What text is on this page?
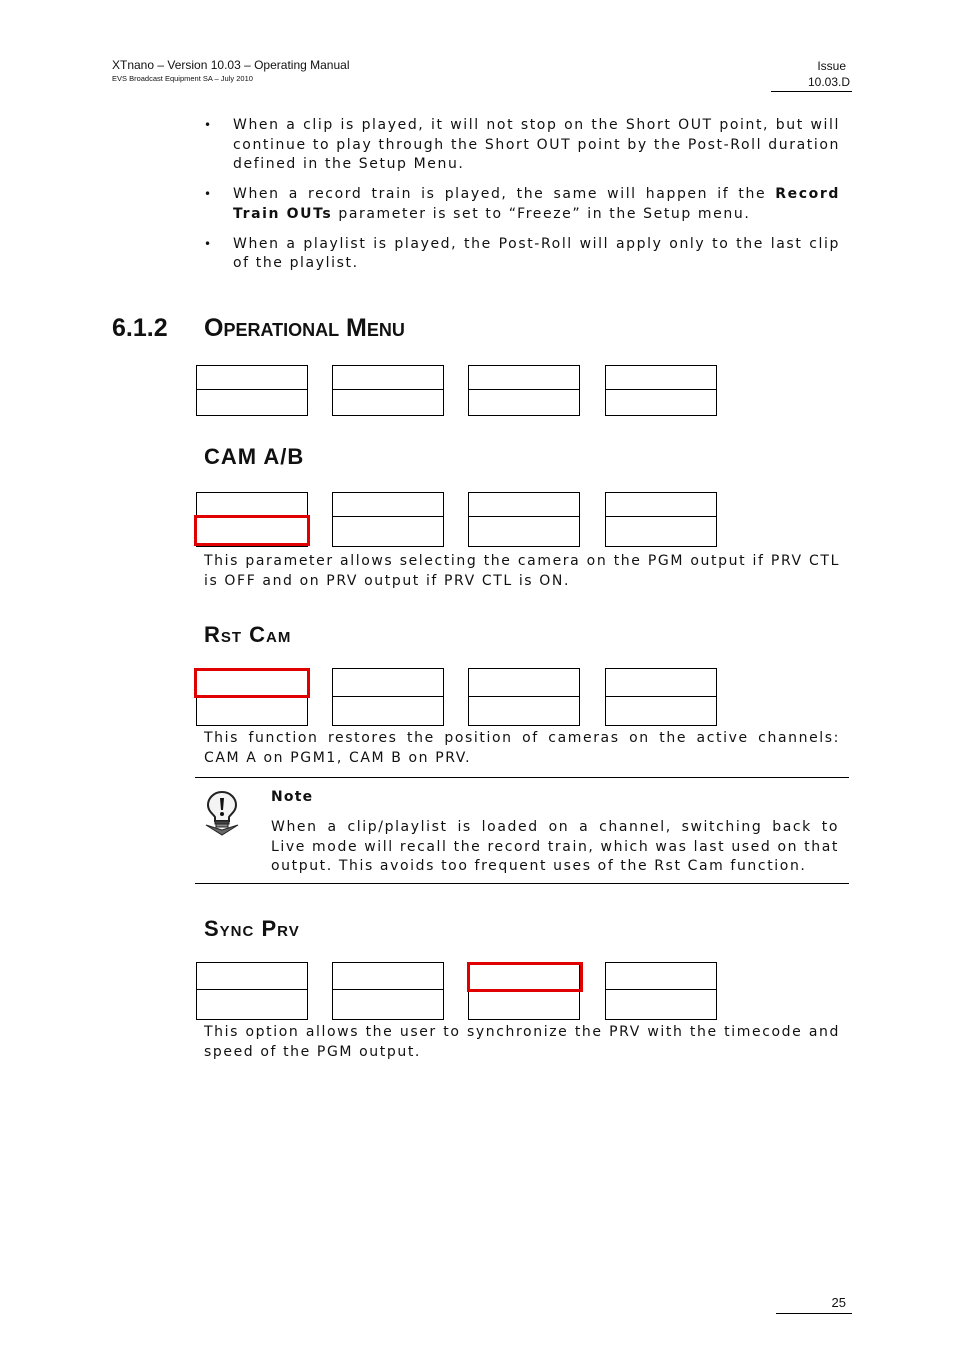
XTnano – Version 10.03 – Operating Manual
EVS Broadcast Equipment SA – July 2010
Issue
10.03.D
• When a clip is played, it will not stop on the Short OUT point, but will continue to play through the Short OUT point by the Post-Roll duration defined in the Setup Menu.
• When a record train is played, the same will happen if the Record Train OUTs parameter is set to “Freeze” in the Setup menu.
• When a playlist is played, the Post-Roll will apply only to the last clip of the playlist.
6.1.2 Operational Menu
CAM A/B
This parameter allows selecting the camera on the PGM output if PRV CTL is OFF and on PRV output if PRV CTL is ON.
Rst Cam
This function restores the position of cameras on the active channels: CAM A on PGM1, CAM B on PRV.
Note
When a clip/playlist is loaded on a channel, switching back to Live mode will recall the record train, which was last used on that output. This avoids too frequent uses of the Rst Cam function.
Sync Prv
This option allows the user to synchronize the PRV with the timecode and speed of the PGM output.
25
